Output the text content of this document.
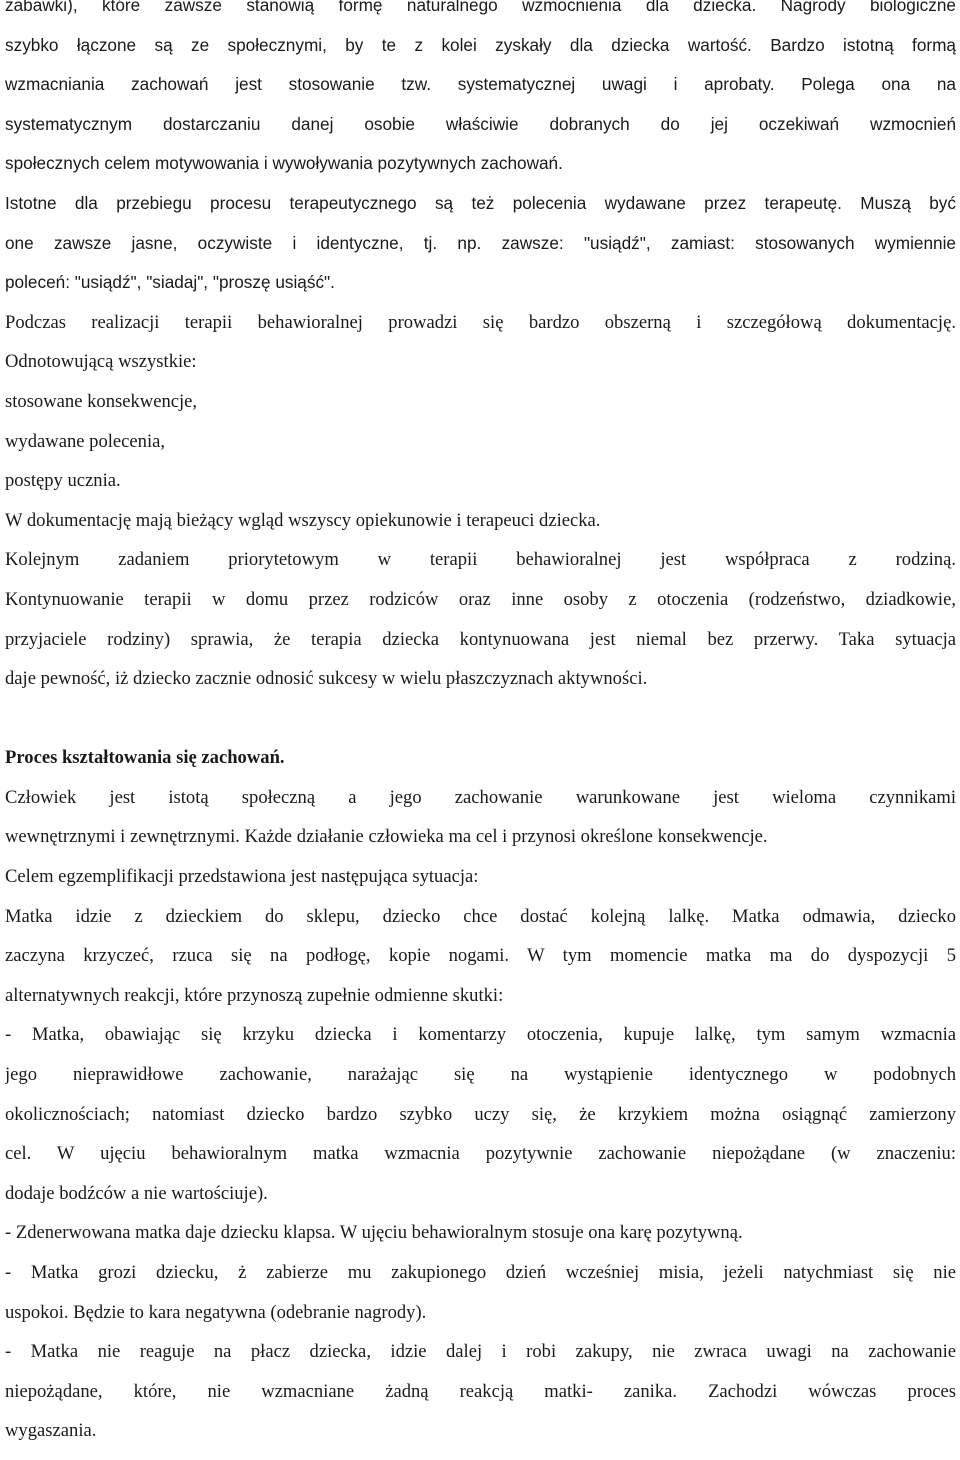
zabawki), które zawsze stanowią formę naturalnego wzmocnienia dla dziecka. Nagrody biologiczne
szybko łączone są ze społecznymi, by te z kolei zyskały dla dziecka wartość. Bardzo istotną formą
wzmacniania zachowań jest stosowanie tzw. systematycznej uwagi i aprobaty. Polega ona na
systematycznym dostarczaniu danej osobie właściwie dobranych do jej oczekiwań wzmocnień
społecznych celem motywowania i wywoływania pozytywnych zachowań.
Istotne dla przebiegu procesu terapeutycznego są też polecenia wydawane przez terapeutę. Muszą być
one zawsze jasne, oczywiste i identyczne, tj. np. zawsze: "usiądź", zamiast: stosowanych wymiennie
poleceń: "usiądź", "siadaj", "proszę usiąść".
Podczas realizacji terapii behawioralnej prowadzi się bardzo obszerną i szczegółową dokumentację.
Odnotowującą wszystkie:
stosowane konsekwencje,
wydawane polecenia,
postępy ucznia.
W dokumentację mają bieżący wgląd wszyscy opiekunowie i terapeuci dziecka.
Kolejnym zadaniem priorytetowym w terapii behawioralnej jest współpraca z rodziną.
Kontynuowanie terapii w domu przez rodziców oraz inne osoby z otoczenia (rodzeństwo, dziadkowie,
przyjaciele rodziny) sprawia, że terapia dziecka kontynuowana jest niemal bez przerwy. Taka sytuacja
daje pewność, iż dziecko zacznie odnosić sukcesy w wielu płaszczyznach aktywności.
Proces kształtowania się zachowań.
Człowiek jest istotą społeczną a jego zachowanie warunkowane jest wieloma czynnikami
wewnętrznymi i zewnętrznymi. Każde działanie człowieka ma cel i przynosi określone konsekwencje.
Celem egzemplifikacji przedstawiona jest następująca sytuacja:
Matka idzie z dzieckiem do sklepu, dziecko chce dostać kolejną lalkę. Matka odmawia, dziecko
zaczyna krzyczeć, rzuca się na podłogę, kopie nogami. W tym momencie matka ma do dyspozycji 5
alternatywnych reakcji, które przynoszą zupełnie odmienne skutki:
- Matka, obawiając się krzyku dziecka i komentarzy otoczenia, kupuje lalkę, tym samym wzmacnia
jego nieprawidłowe zachowanie, narażając się na wystąpienie identycznego w podobnych
okolicznościach; natomiast dziecko bardzo szybko uczy się, że krzykiem można osiągnąć zamierzony
cel. W ujęciu behawioralnym matka wzmacnia pozytywnie zachowanie niepożądane (w znaczeniu:
dodaje bodźców a nie wartościuje).
- Zdenerwowana matka daje dziecku klapsa. W ujęciu behawioralnym stosuje ona karę pozytywną.
- Matka grozi dziecku, ż zabierze mu zakupionego dzień wcześniej misia, jeżeli natychmiast się nie
uspokoi. Będzie to kara negatywna (odebranie nagrody).
- Matka nie reaguje na płacz dziecka, idzie dalej i robi zakupy, nie zwraca uwagi na zachowanie
niepożądane, które, nie wzmacniane żadną reakcją matki- zanika. Zachodzi wówczas proces
wygaszania.
